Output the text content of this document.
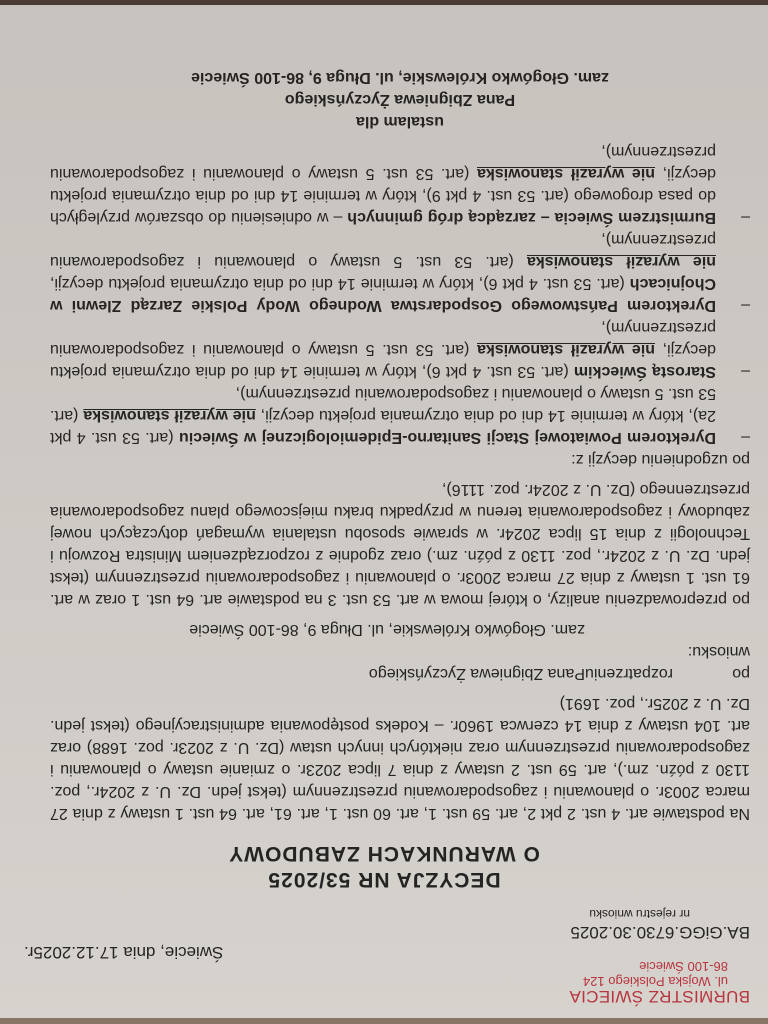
BURMISTRZ ŚWIECIA
ul. Wojska Polskiego 124
86-100 Świecie
Świecie, dnia 17.12.2025r.
BA.GiGG.6730.30.2025
nr rejestru wniosku
DECYZJA NR 53/2025
O WARUNKACH ZABUDOWY

Na podstawie art. 4 ust. 2 pkt 2, art. 59 ust. 1, art. 60 ust. 1, art. 61, art. 64 ust. 1 ustawy z dnia 27 marca 2003r. o planowaniu i zagospodarowaniu przestrzennym (tekst jedn. Dz. U. z 2024r., poz. 1130 z późn. zm.), art. 59 ust. 2 ustawy z dnia 7 lipca 2023r. o zmianie ustawy o planowaniu i zagospodarowaniu przestrzennym oraz niektórych innych ustaw (Dz. U. z 2023r. poz. 1688) oraz art. 104 ustawy z dnia 14 czerwca 1960r. – Kodeks postępowania administracyjnego (tekst jedn. Dz. U. z 2025r., poz. 1691)

po rozpatrzeniu wniosku:
Pana Zbigniewa Życzyńskiego

zam. Głogówko Królewskie, ul. Długa 9, 86-100 Świecie

po przeprowadzeniu analizy, o której mowa w art. 53 ust. 3 na podstawie art. 64 ust. 1 oraz w art. 61 ust. 1 ustawy z dnia 27 marca 2003r. o planowaniu i zagospodarowaniu przestrzennym (tekst jedn. Dz. U. z 2024r., poz. 1130 z późn. zm.) oraz zgodnie z rozporządzeniem Ministra Rozwoju i Technologii z dnia 15 lipca 2024r. w sprawie sposobu ustalania wymagań dotyczących nowej zabudowy i zagospodarowania terenu w przypadku braku miejscowego planu zagospodarowania przestrzennego (Dz. U. z 2024r. poz. 1116),

po uzgodnieniu decyzji z:

–
Dyrektorem Powiatowej Stacji Sanitarno-Epidemiologicznej w Świeciu (art. 53 ust. 4 pkt 2a), który w terminie 14 dni od dnia otrzymania projektu decyzji, nie wyraził stanowiska (art. 53 ust. 5 ustawy o planowaniu i zagospodarowaniu przestrzennym),

–
Starostą Świeckim (art. 53 ust. 4 pkt 6), który w terminie 14 dni od dnia otrzymania projektu decyzji, nie wyraził stanowiska (art. 53 ust. 5 ustawy o planowaniu i zagospodarowaniu przestrzennym),

–
Dyrektorem Państwowego Gospodarstwa Wodnego Wody Polskie Zarząd Zlewni w Chojnicach (art. 53 ust. 4 pkt 6), który w terminie 14 dni od dnia otrzymania projektu decyzji, nie wyraził stanowiska (art. 53 ust. 5 ustawy o planowaniu i zagospodarowaniu przestrzennym),

–
Burmistrzem Świecia – zarządcą dróg gminnych – w odniesieniu do obszarów przyległych do pasa drogowego (art. 53 ust. 4 pkt 9), który w terminie 14 dni od dnia otrzymania projektu decyzji, nie wyraził stanowiska (art. 53 ust. 5 ustawy o planowaniu i zagospodarowaniu przestrzennym),

ustalam dla

Pana Zbigniewa Życzyńskiego

zam. Głogówko Królewskie, ul. Długa 9, 86-100 Świecie
